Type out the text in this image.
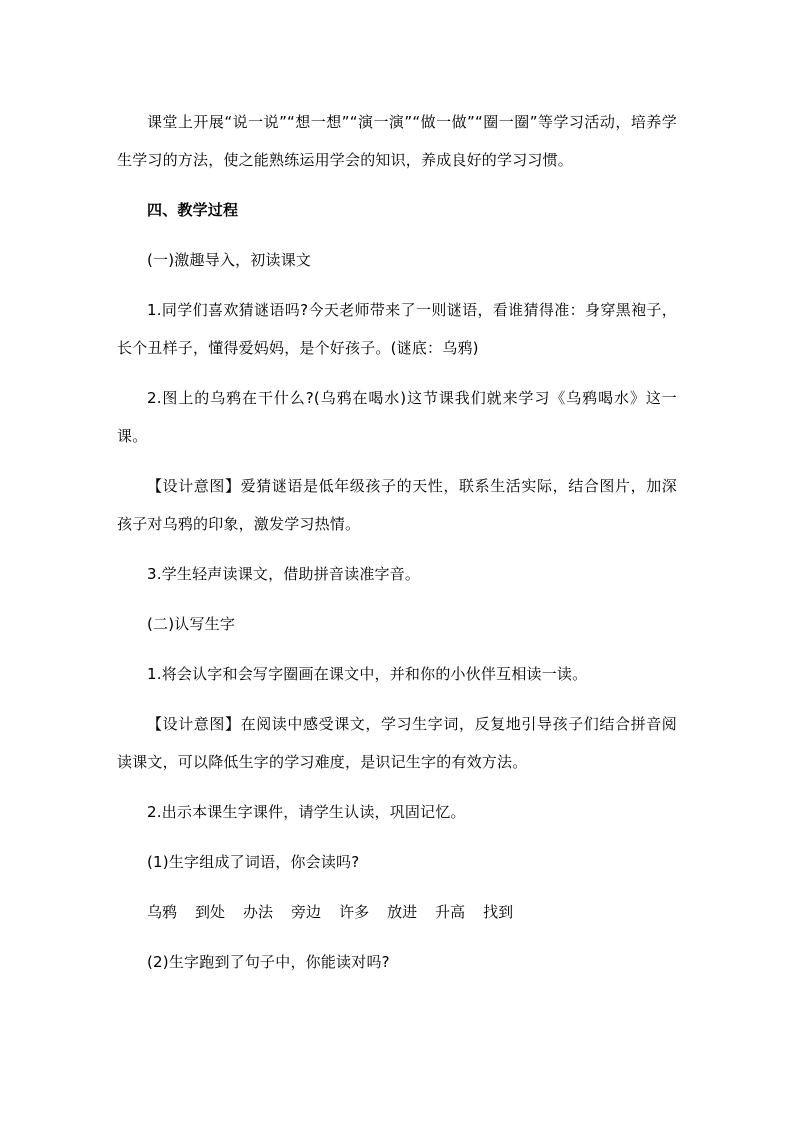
课堂上开展“说一说”“想一想”“演一演”“做一做”“圈一圈”等学习活动，培养学生学习的方法，使之能熟练运用学会的知识，养成良好的学习习惯。

四、教学过程

(一)激趣导入，初读课文

1.同学们喜欢猜谜语吗?今天老师带来了一则谜语，看谁猜得准：身穿黑袍子，长个丑样子，懂得爱妈妈，是个好孩子。(谜底：乌鸦)

2.图上的乌鸦在干什么?(乌鸦在喝水)这节课我们就来学习《乌鸦喝水》这一课。

【设计意图】爱猜谜语是低年级孩子的天性，联系生活实际，结合图片，加深孩子对乌鸦的印象，激发学习热情。

3.学生轻声读课文，借助拼音读准字音。

(二)认写生字

1.将会认字和会写字圈画在课文中，并和你的小伙伴互相读一读。

【设计意图】在阅读中感受课文，学习生字词，反复地引导孩子们结合拼音阅读课文，可以降低生字的学习难度，是识记生字的有效方法。

2.出示本课生字课件，请学生认读，巩固记忆。

(1)生字组成了词语，你会读吗?

乌鸦 到处 办法 旁边 许多 放进 升高 找到

(2)生字跑到了句子中，你能读对吗?
